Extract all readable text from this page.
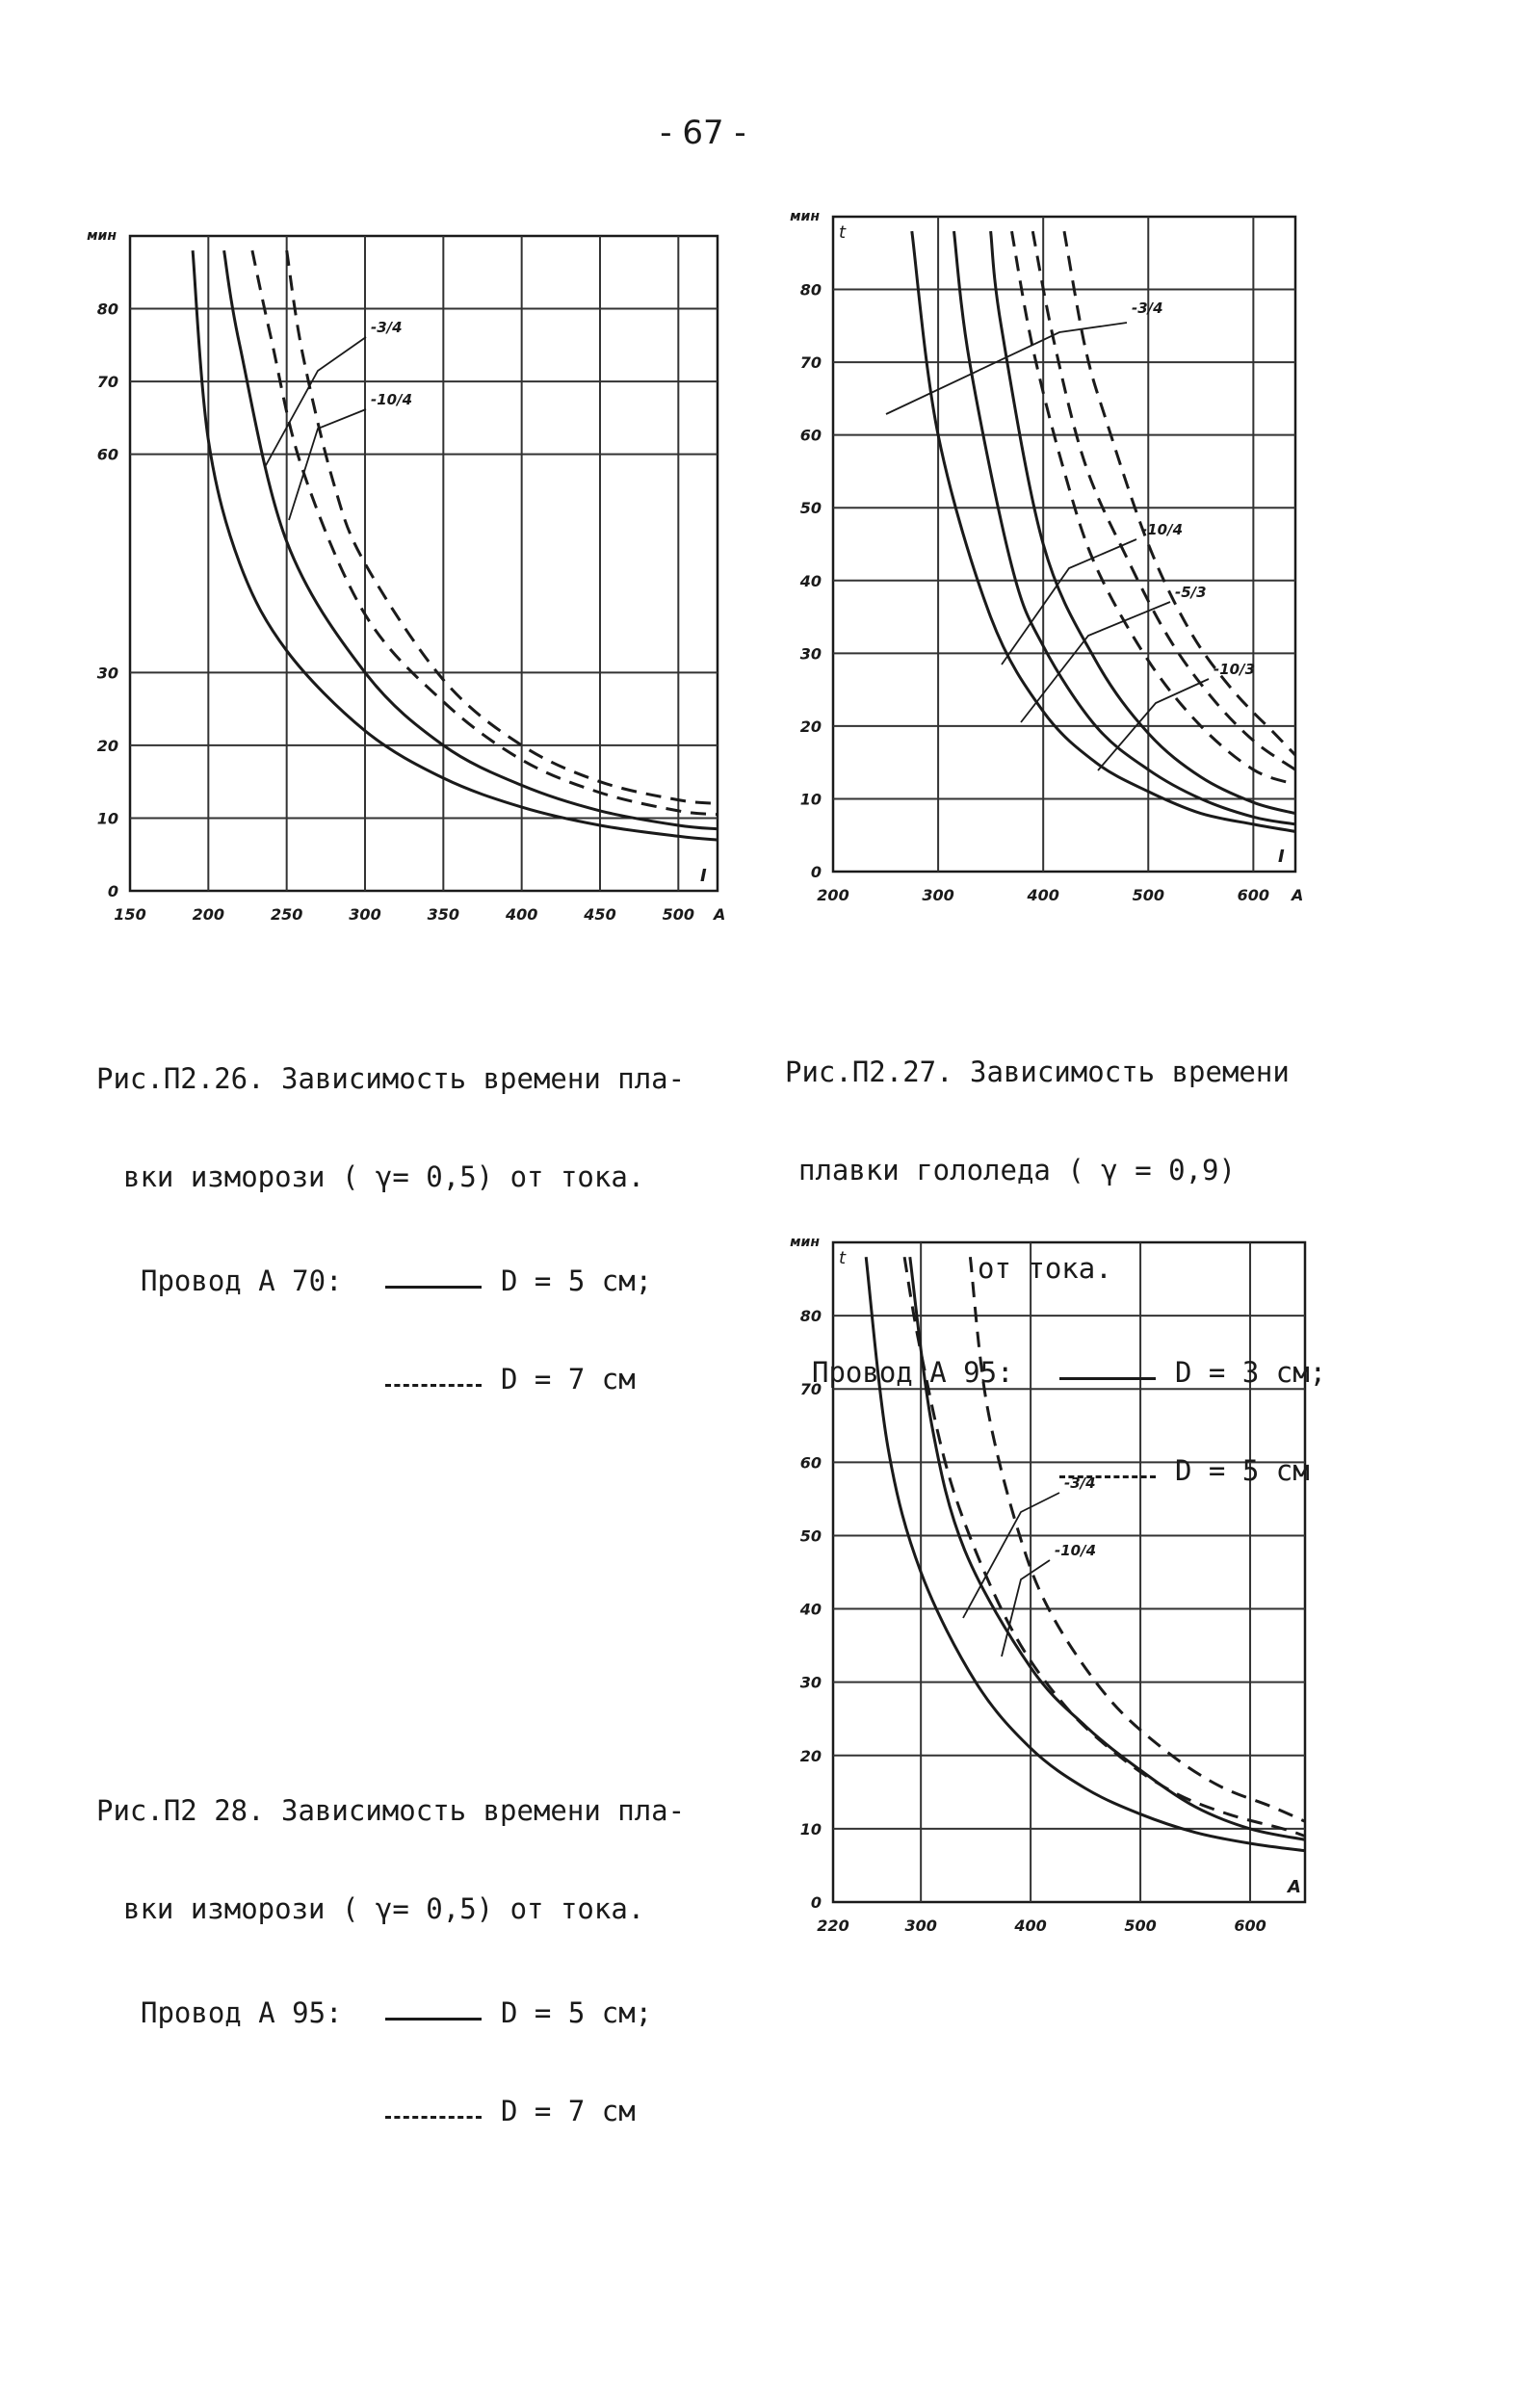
- 67 -
150	200	250	300	350	400	450	500
0
10
20
30
60
70
80
мин
I
A
-3/4
-10/4
200	300	400	500	600
0
10
20
30
40
50
60
70
80
мин
t
I
A
-3/4
-10/4
-5/3
-10/3
220	300	400	500	600
0
10
20
30
40
50
60
70
80
мин
t
A
-3/4
-10/4

Рис.П2.26. Зависимость времени пла-

вки изморози ( γ= 0,5) от тока.

Провод А 70:

	D = 5 см;

D = 7 см

Рис.П2.27. Зависимость времени

плавки гололеда ( γ = 0,9)

от тока.

Провод А 95:

	D = 3 см;

D = 5 см

Рис.П2 28. Зависимость времени пла-

вки изморози ( γ= 0,5) от тока.

Провод А 95:

	D = 5 см;

D = 7 см
